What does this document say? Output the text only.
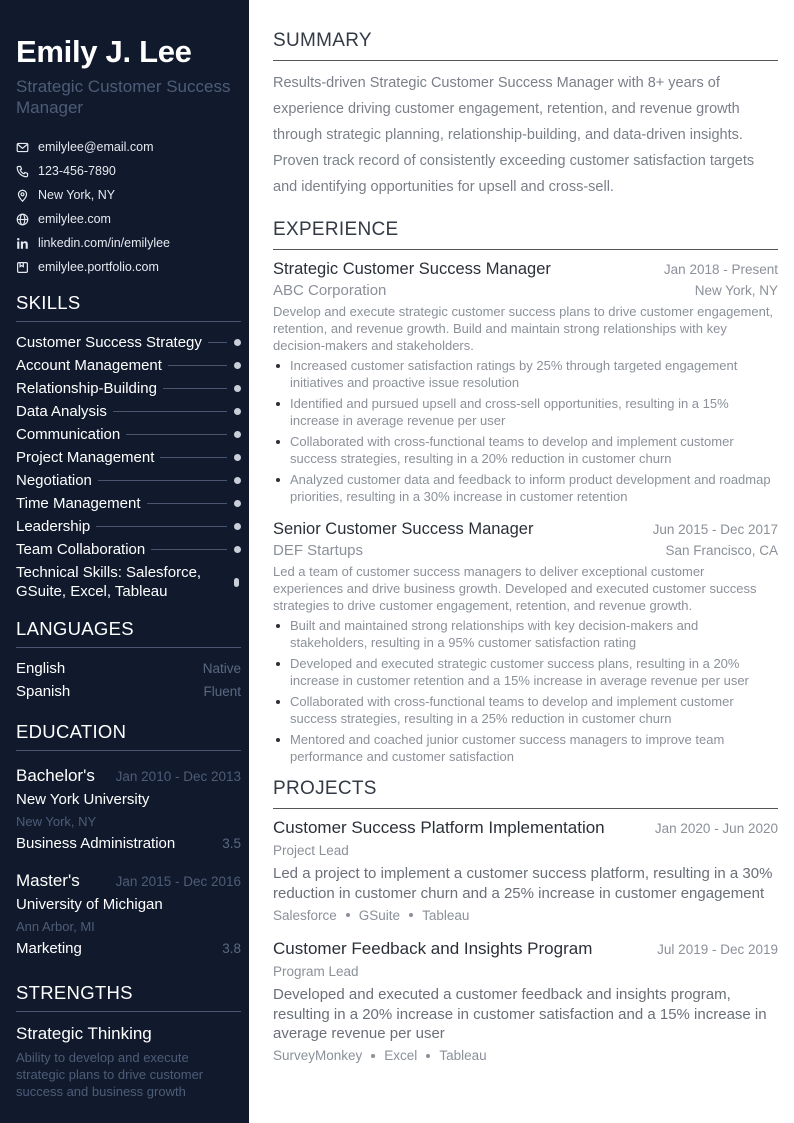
Emily J. Lee
Strategic Customer Success Manager
emilylee@email.com
123-456-7890
New York, NY
emilylee.com
linkedin.com/in/emilylee
emilylee.portfolio.com
SKILLS
Customer Success Strategy
Account Management
Relationship-Building
Data Analysis
Communication
Project Management
Negotiation
Time Management
Leadership
Team Collaboration
Technical Skills: Salesforce, GSuite, Excel, Tableau
LANGUAGES
English	Native
Spanish	Fluent
EDUCATION
Bachelor's Jan 2010 - Dec 2013
New York University
New York, NY
Business Administration	3.5
Master's	Jan 2015 - Dec 2016
University of Michigan
Ann Arbor, MI
Marketing	3.8
STRENGTHS
Strategic Thinking
Ability to develop and execute strategic plans to drive customer success and business growth
SUMMARY

Results-driven Strategic Customer Success Manager with 8+ years of experience driving customer engagement, retention, and revenue growth through strategic planning, relationship-building, and data-driven insights. Proven track record of consistently exceeding customer satisfaction targets and identifying opportunities for upsell and cross-sell.

EXPERIENCE
Strategic Customer Success Manager	Jan 2018 - Present
ABC Corporation	New York, NY

Develop and execute strategic customer success plans to drive customer engagement, retention, and revenue growth. Build and maintain strong relationships with key decision-makers and stakeholders.

Increased customer satisfaction ratings by 25% through targeted engagement initiatives and proactive issue resolution
Identified and pursued upsell and cross-sell opportunities, resulting in a 15% increase in average revenue per user
Collaborated with cross-functional teams to develop and implement customer success strategies, resulting in a 20% reduction in customer churn
Analyzed customer data and feedback to inform product development and roadmap priorities, resulting in a 30% increase in customer retention
Senior Customer Success Manager	Jun 2015 - Dec 2017
DEF Startups	San Francisco, CA

Led a team of customer success managers to deliver exceptional customer experiences and drive business growth. Developed and executed customer success strategies to drive customer engagement, retention, and revenue growth.

Built and maintained strong relationships with key decision-makers and stakeholders, resulting in a 95% customer satisfaction rating
Developed and executed strategic customer success plans, resulting in a 20% increase in customer retention and a 15% increase in average revenue per user
Collaborated with cross-functional teams to develop and implement customer success strategies, resulting in a 25% reduction in customer churn
Mentored and coached junior customer success managers to improve team performance and customer satisfaction
PROJECTS
Customer Success Platform Implementation	Jan 2020 - Jun 2020
Project Lead

Led a project to implement a customer success platform, resulting in a 30% reduction in customer churn and a 25% increase in customer engagement

Salesforce GSuite Tableau
Customer Feedback and Insights Program	Jul 2019 - Dec 2019
Program Lead

Developed and executed a customer feedback and insights program, resulting in a 20% increase in customer satisfaction and a 15% increase in average revenue per user

SurveyMonkey Excel Tableau
